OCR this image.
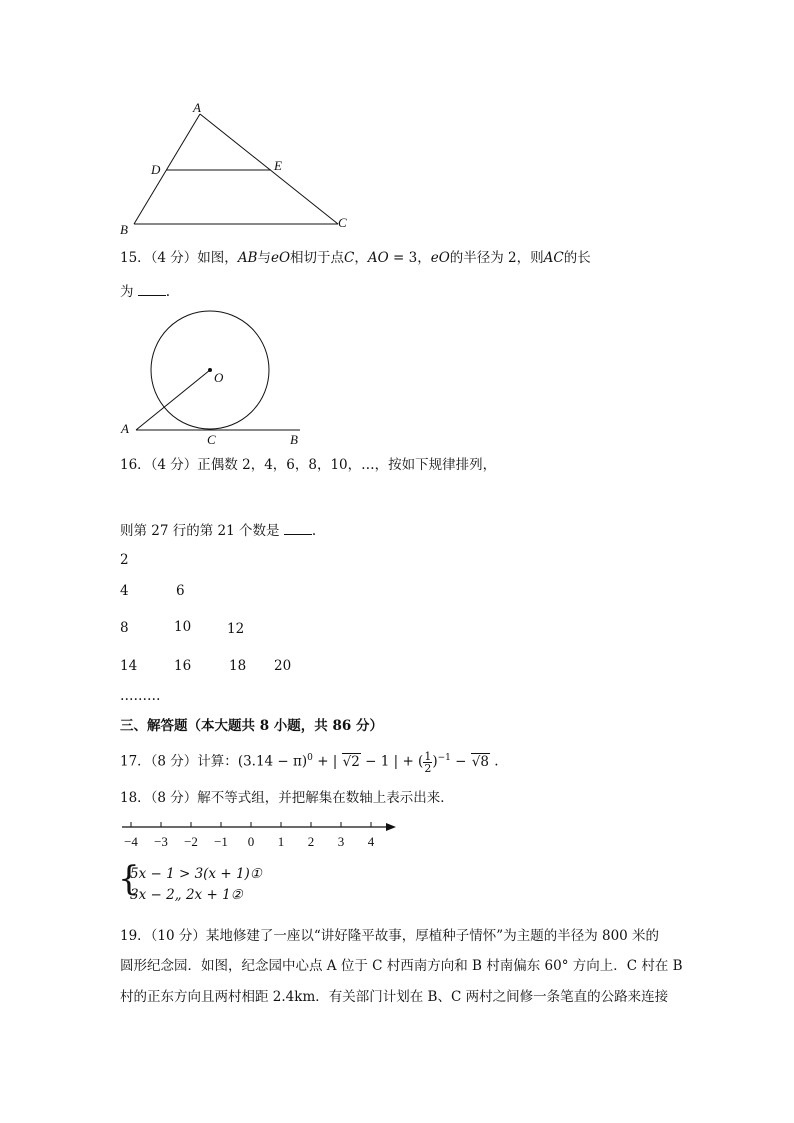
A
D	E
B	C
15．（4 分）如图，AB与eO相切于点C，AO = 3，eO的半径为 2，则AC的长
为 .
O
A
C	B
16．（4 分）正偶数 2，4，6，8，10，…，按如下规律排列，
则第 27 行的第 21 个数是 .
2
4	6
8	10	12
14	16	18 20
………
三、解答题（本大题共 8 小题，共 86 分）
17．（8 分）计算：$(3.14 - \pi)^0$ + | √2 − 1 | + ( $\frac{1}{2} )^{-1} - √8$ .
18．（8 分）解不等式组，并把解集在数轴上表示出来．
−4 −3 −2 −1 0 1 2 3 4
{
5x − 1 > 3(x + 1)①
3x − 2„ 2x + 1②
19．（10 分）某地修建了一座以“讲好隆平故事，厚植种子情怀”为主题的半径为 800 米的
圆形纪念园．如图，纪念园中心点 A 位于 C 村西南方向和 B 村南偏东 60° 方向上．C 村在 B
村的正东方向且两村相距 2.4km．有关部门计划在 B、C 两村之间修一条笔直的公路来连接
